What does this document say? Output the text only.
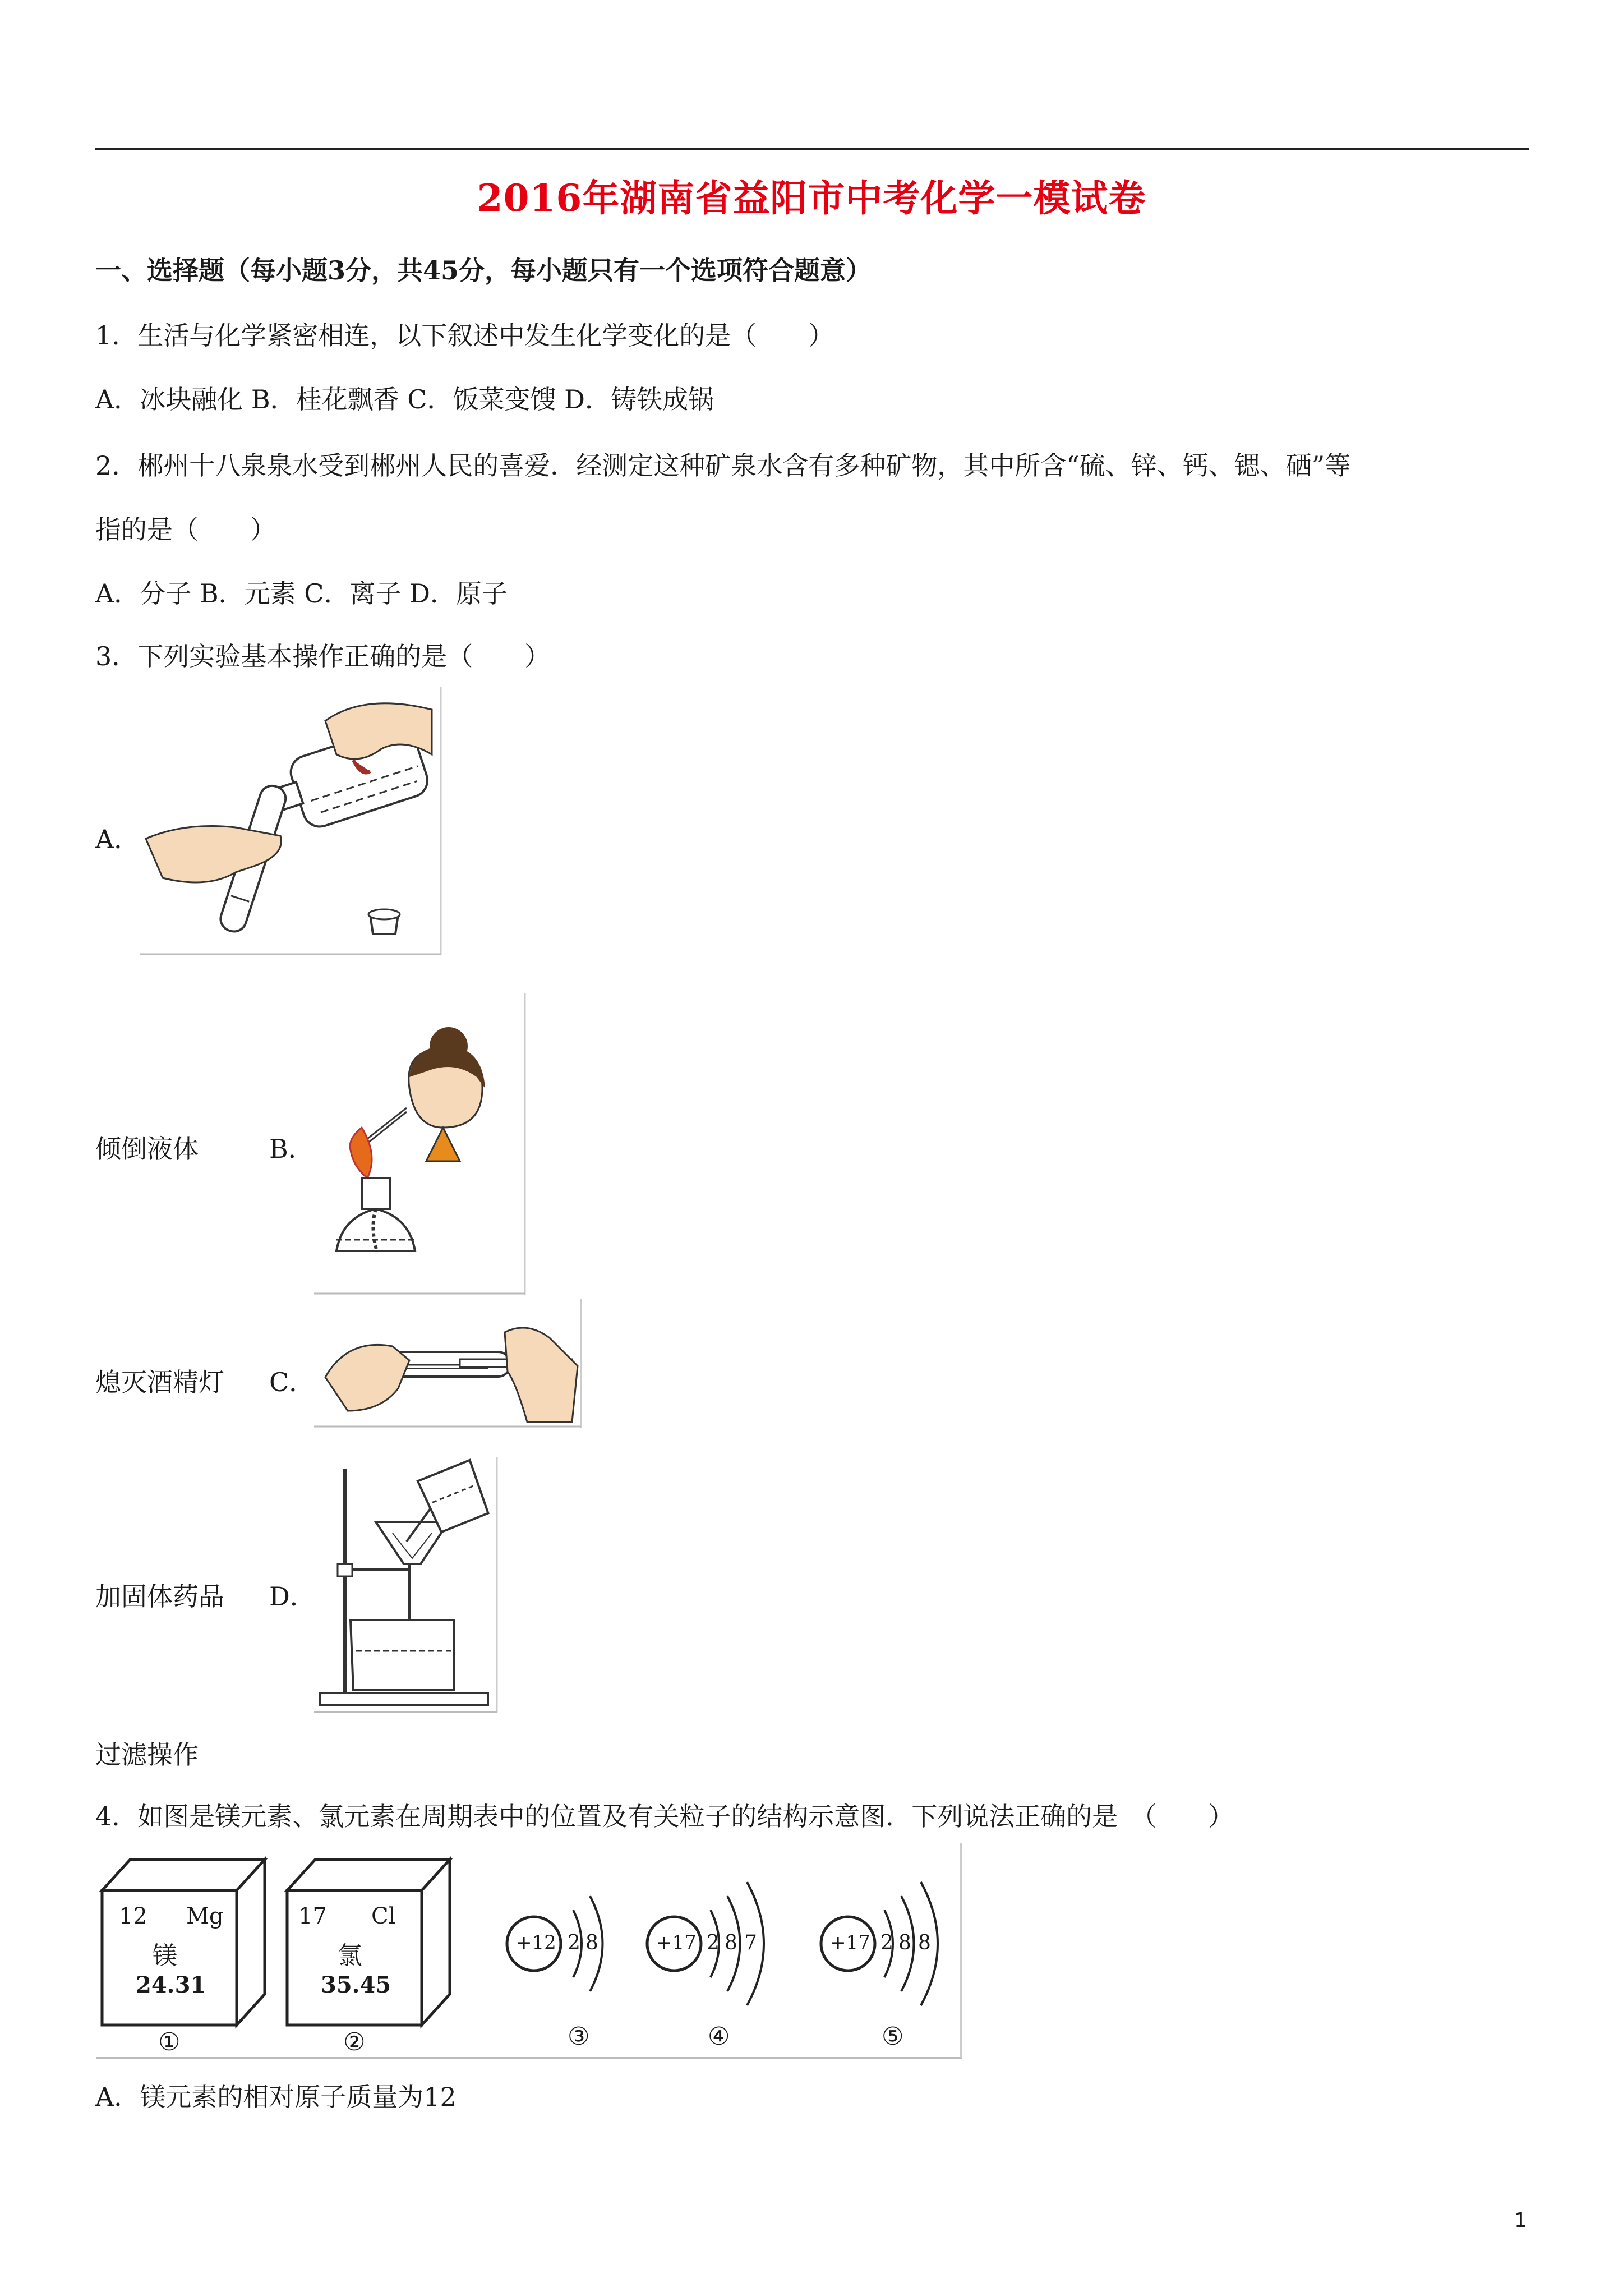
2016年湖南省益阳市中考化学一模试卷
一、选择题（每小题3分，共45分，每小题只有一个选项符合题意）
1．生活与化学紧密相连，以下叙述中发生化学变化的是（　　）
A．冰块融化 B．桂花飘香 C．饭菜变馊 D．铸铁成锅
2．郴州十八泉泉水受到郴州人民的喜爱．经测定这种矿泉水含有多种矿物，其中所含“硫、锌、钙、锶、硒”等
指的是（　　）
A．分子 B．元素 C．离子 D．原子
3．下列实验基本操作正确的是（　　）
A．
倾倒液体	B．
熄灭酒精灯 C．
加固体药品 D．
过滤操作
4．如图是镁元素、氯元素在周期表中的位置及有关粒子的结构示意图．下列说法正确的是　（　　）
12 Mg
镁
24.31
①
17 Cl
氯
35.45
②
+12 2 8
③
+17 2 8 7
④
+17 2 8 8
⑤
A．镁元素的相对原子质量为12
1
